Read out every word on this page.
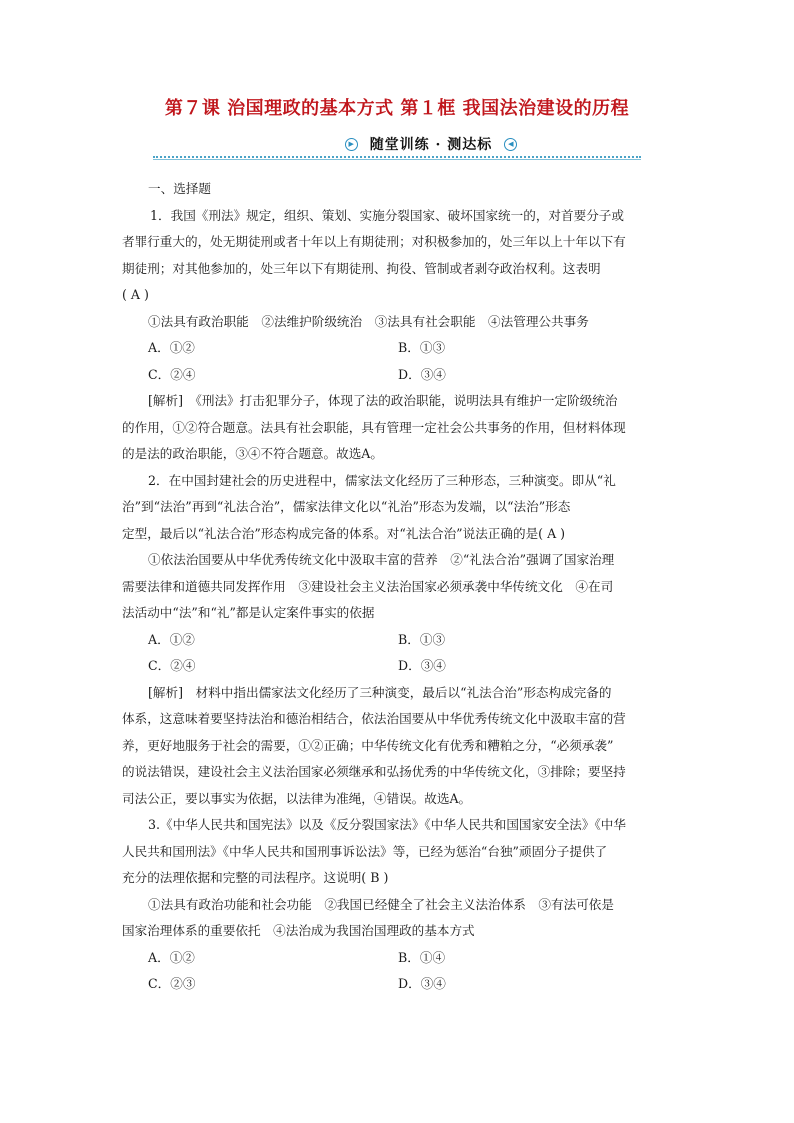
第７课 治国理政的基本方式 第１框 我国法治建设的历程
▶ 随堂训练 · 测达标	◀
一、选择题
1．我国《刑法》规定，组织、策划、实施分裂国家、破坏国家统一的，对首要分子或
者罪行重大的，处无期徒刑或者十年以上有期徒刑；对积极参加的，处三年以上十年以下有
期徒刑；对其他参加的，处三年以下有期徒刑、拘役、管制或者剥夺政治权利。这表明
( A )
①法具有政治职能　②法维护阶级统治　③法具有社会职能　④法管理公共事务
A．①②	B．①③
C．②④	D．③④
[解析]　《刑法》打击犯罪分子，体现了法的政治职能，说明法具有维护一定阶级统治
的作用，①②符合题意。法具有社会职能，具有管理一定社会公共事务的作用，但材料体现
的是法的政治职能，③④不符合题意。故选A。
2．在中国封建社会的历史进程中，儒家法文化经历了三种形态，三种演变。即从“礼
治”到“法治”再到“礼法合治”，儒家法律文化以“礼治”形态为发端，以“法治”形态
定型，最后以“礼法合治”形态构成完备的体系。对“礼法合治”说法正确的是( A )
①依法治国要从中华优秀传统文化中汲取丰富的营养　②“礼法合治”强调了国家治理
需要法律和道德共同发挥作用　③建设社会主义法治国家必须承袭中华传统文化　④在司
法活动中“法”和“礼”都是认定案件事实的依据
A．①②	B．①③
C．②④	D．③④
[解析]　材料中指出儒家法文化经历了三种演变，最后以“礼法合治”形态构成完备的
体系，这意味着要坚持法治和德治相结合，依法治国要从中华优秀传统文化中汲取丰富的营
养，更好地服务于社会的需要，①②正确；中华传统文化有优秀和糟粕之分，“必须承袭”
的说法错误，建设社会主义法治国家必须继承和弘扬优秀的中华传统文化，③排除；要坚持
司法公正，要以事实为依据，以法律为准绳，④错误。故选A。
3.《中华人民共和国宪法》以及《反分裂国家法》《中华人民共和国国家安全法》《中华
人民共和国刑法》《中华人民共和国刑事诉讼法》等，已经为惩治“台独”顽固分子提供了
充分的法理依据和完整的司法程序。这说明( B )
①法具有政治功能和社会功能　②我国已经健全了社会主义法治体系　③有法可依是
国家治理体系的重要依托　④法治成为我国治国理政的基本方式
A．①②	B．①④
C．②③	D．③④
